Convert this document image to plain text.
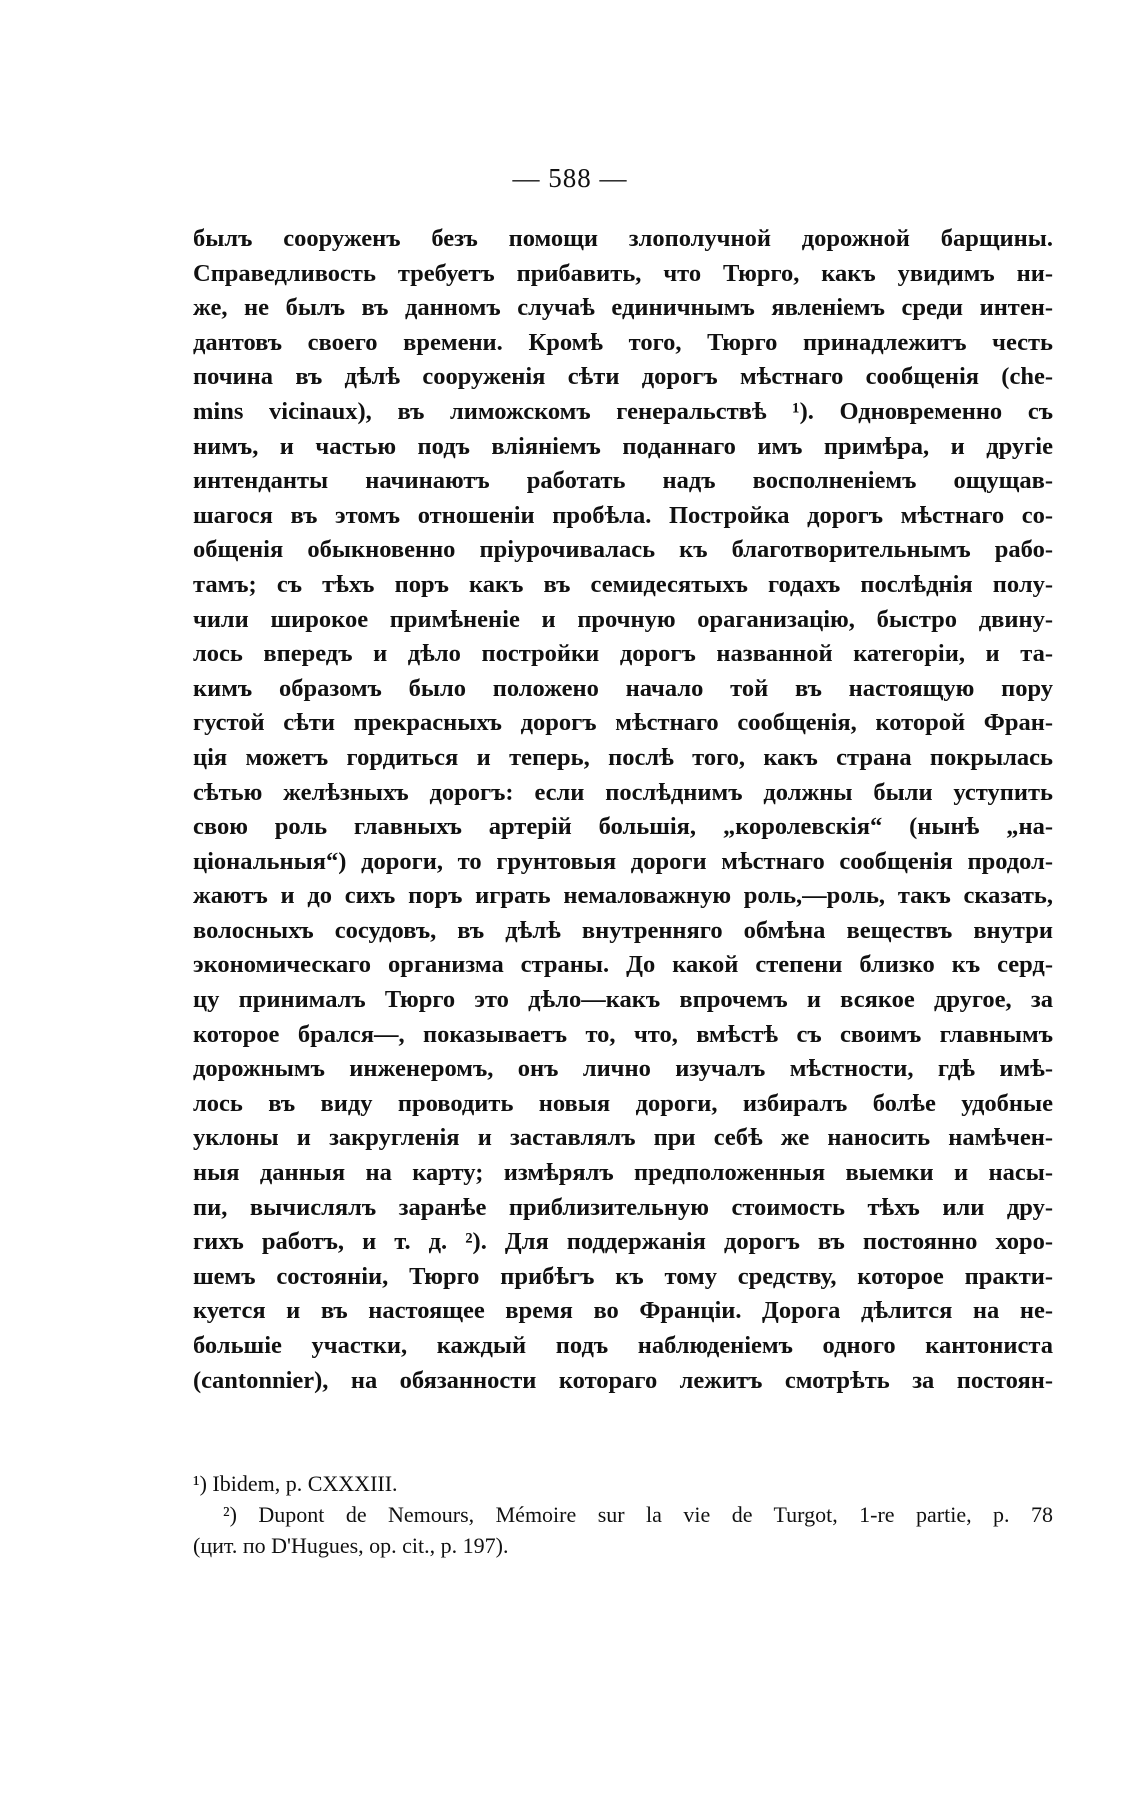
— 588 —
былъ сооруженъ безъ помощи злополучной дорожной барщины.
Справедливость требуетъ прибавить, что Тюрго, какъ увидимъ ни-
же, не былъ въ данномъ случаѣ единичнымъ явленіемъ среди интен-
дантовъ своего времени. Кромѣ того, Тюрго принадлежитъ честь
почина въ дѣлѣ сооруженія сѣти дорогъ мѣстнаго сообщенія (che-
mins vicinaux), въ лиможскомъ генеральствѣ ¹). Одновременно съ
нимъ, и частью подъ вліяніемъ поданнаго имъ примѣра, и другіе
интенданты начинаютъ работать надъ восполненіемъ ощущав-
шагося въ этомъ отношеніи пробѣла. Постройка дорогъ мѣстнаго со-
общенія обыкновенно пріурочивалась къ благотворительнымъ рабо-
тамъ; съ тѣхъ поръ какъ въ семидесятыхъ годахъ послѣднія полу-
чили широкое примѣненіе и прочную ораганизацію, быстро двину-
лось впередъ и дѣло постройки дорогъ названной категоріи, и та-
кимъ образомъ было положено начало той въ настоящую пору
густой сѣти прекрасныхъ дорогъ мѣстнаго сообщенія, которой Фран-
ція можетъ гордиться и теперь, послѣ того, какъ страна покрылась
сѣтью желѣзныхъ дорогъ: если послѣднимъ должны были уступить
свою роль главныхъ артерій большія, „королевскія“ (нынѣ „на-
ціональныя“) дороги, то грунтовыя дороги мѣстнаго сообщенія продол-
жаютъ и до сихъ поръ играть немаловажную роль,—роль, такъ сказать,
волосныхъ сосудовъ, въ дѣлѣ внутренняго обмѣна веществъ внутри
экономическаго организма страны. До какой степени близко къ серд-
цу принималъ Тюрго это дѣло—какъ впрочемъ и всякое другое, за
которое брался—, показываетъ то, что, вмѣстѣ съ своимъ главнымъ
дорожнымъ инженеромъ, онъ лично изучалъ мѣстности, гдѣ имѣ-
лось въ виду проводить новыя дороги, избиралъ болѣе удобные
уклоны и закругленія и заставлялъ при себѣ же наносить намѣчен-
ныя данныя на карту; измѣрялъ предположенныя выемки и насы-
пи, вычислялъ заранѣе приблизительную стоимость тѣхъ или дру-
гихъ работъ, и т. д. ²). Для поддержанія дорогъ въ постоянно хоро-
шемъ состояніи, Тюрго прибѣгъ къ тому средству, которое практи-
куется и въ настоящее время во Франціи. Дорога дѣлится на не-
большіе участки, каждый подъ наблюденіемъ одного кантониста
(cantonnier), на обязанности котораго лежитъ смотрѣть за постоян-
¹) Ibidem, p. CXXXIII.
²) Dupont de Nemours, Mémoire sur la vie de Turgot, 1-re partie, p. 78
(цит. по D'Hugues, op. cit., p. 197).
